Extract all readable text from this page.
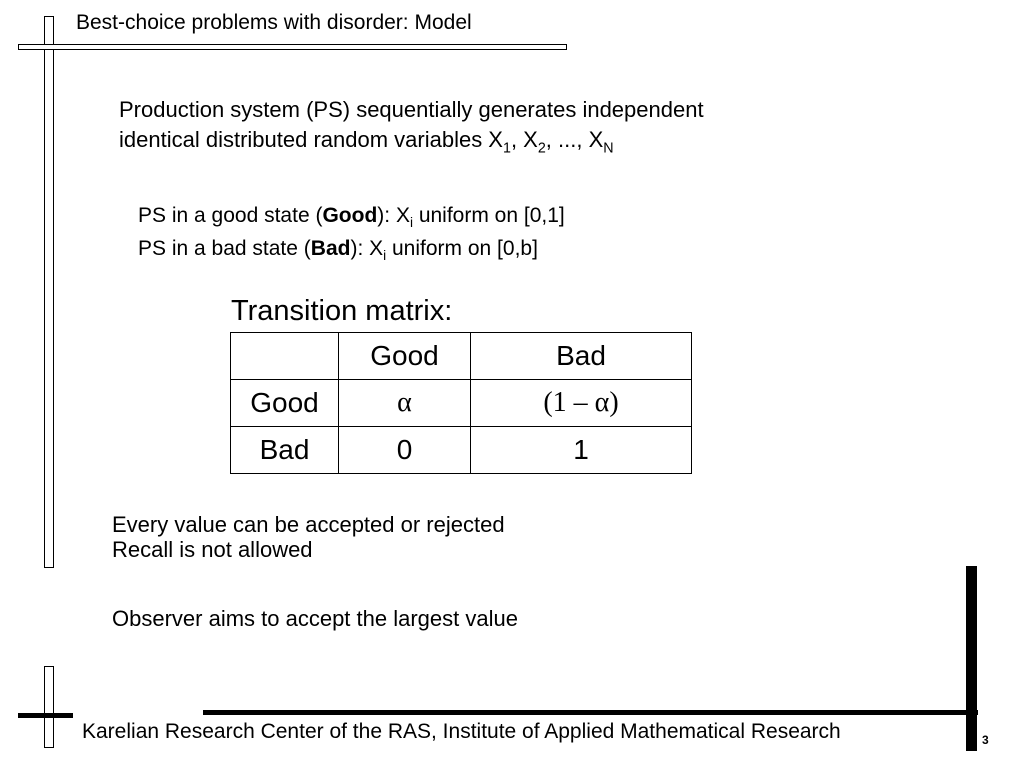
Best-choice problems with disorder: Model
Production system (PS) sequentially generates independent
identical distributed random variables $X_1$, $X_2$, ..., $X_N$
PS in a good state (Good): $X_i$ uniform on [0,1]
PS in a bad state (Bad): $X_i$ uniform on [0,b]
Transition matrix:
	Good	Bad
Good	α	(1 – α)
Bad	0	1
Every value can be accepted or rejected
Recall is not allowed
Observer aims to accept the largest value
Karelian Research Center of the RAS, Institute of Applied Mathematical Research	3
